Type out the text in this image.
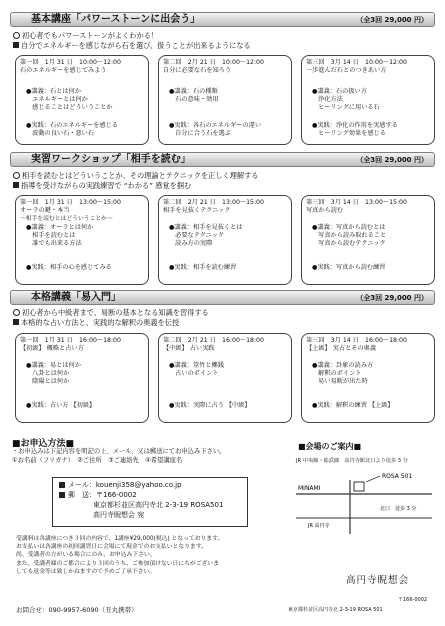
基本講座「パワーストーンに出会う」	（全3回 29,000 円）
初心者でもパワーストーンがよくわかる！
自分でエネルギーを感じながら石を選び、扱うことが出来るようになる
第一回　1月 31 日　10:00～12:00
石のエネルギーを感じてみよう
●講義：石とは何か
　エネルギーとは何か
　感じることはどういうことか
●実践：石のエネルギーを感じる
　波動の良い石・悪い石
第二回　2月 21 日　10:00～12:00
自分に必要な石を知ろう
●講義：石の種類
　石の意味・効用
●実践：各石のエネルギーの違い
　自分に合う石を選ぶ
第三回　3月 14 日　10:00～12:00
一歩進んだ石とのつきあい方
●講義：石の扱い方
　浄化方法
　ヒーリングに用いる石
●実践：浄化の作用を実感する
　ヒーリング効果を感じる
実習ワークショップ「相手を読む」	（全3回 29,000 円）
相手を読むとはどういうことか、その理論とテクニックを正しく理解する
指導を受けながらの実践練習で “わかる” 感覚を掴む
第一回　1月 31 日　13:00～15:00
オーラの鍵・本当
～相手を読むとはどういうことか～
●講義：オーラとは何か
　相手を読むとは
　誰でも出来る方法
●実践：相手の心を感じてみる
第二回　2月 21 日　13:00～15:00
相手を見抜くテクニック
●講義：相手を見抜くとは
　必要なテクニック
　読み方の実際
●実践：相手を読む練習
第三回　3月 14 日　13:00～15:00
写真から読む
●講義：写真から読むとは
　写真から読み取れること
　写真から読むテクニック
●実践：写真から読む練習
本格講義「易入門」	（全3回 29,000 円）
初心者から中級者まで、易断の基本となる知識を習得する
本格的な占い方法と、実践的な解釈の奥義を伝授
第一回　1月 31 日　16:00～18:00
【初級】 概略と占い方
●講義：易とは何か
　八卦とは何か
　陰陽とは何か
●実践：占い方 【初級】
第二回　2月 21 日　16:00～18:00
【中級】 占い実践
●講義：筮竹と擲銭
　占いのポイント
●実践：実際に占う 【中級】
第三回　3月 14 日　16:00～18:00
【上級】 実占とその奥義
●講義：卦象の読み方
　解釈のポイント
　易い易断が出た時
●実践：解釈の練習 【上級】
■お申込方法■
・お申込みは下記内容を明記の上、メール、又は郵送にてお申込み下さい。
①お名前（フリガナ）　②ご住所　③ご連絡先　④希望講座名
メール：kouenji358@yahoo.co.jp
郵　送：〒166-0002
東京都杉並区高円寺北 2-3-19 ROSA501
高円寺睨想会 宛
受講料は各講座につき３回の内容で、1講座¥29,000(税込) となっております。
お支払いは各講座の初回講習日に会場にて現金でのお支払いとなります。
尚、受講者の方がいる場合にのみ、お申込み下さい。
また、受講者様のご都合により３回のうち、ご参加頂けない日にちがございま
しても返金等は致しかねますので予めご了承下さい。
お問合せ：090-9957-6090（丑丸携帯）
■会場のご案内■
JR 中央線・総武線　高円寺駅北口より徒歩 3 分
MINAMI
ROSA 501
北口　徒歩 3 分
JR 高円寺
高円寺睨想会
〒166-0002
東京都杉並区高円寺北 2-3-19 ROSA 501
